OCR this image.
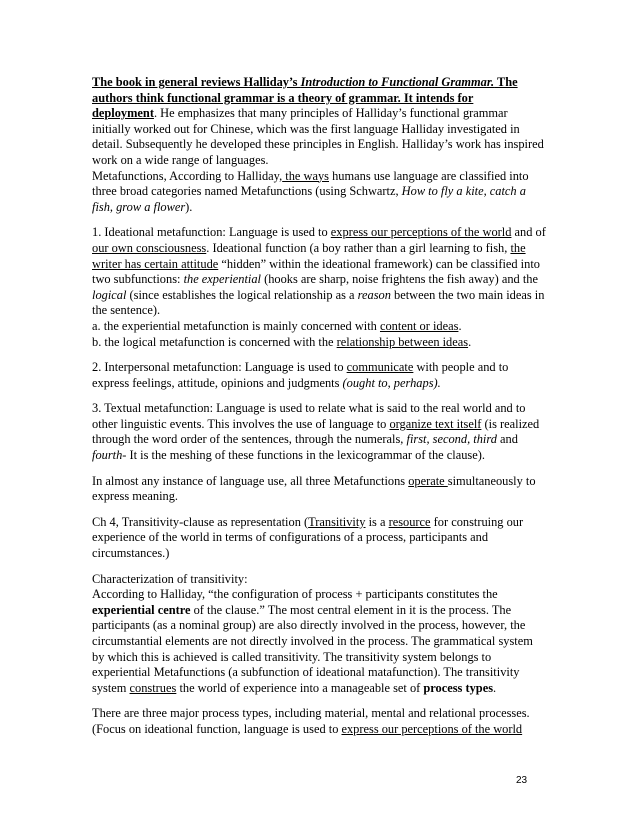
The book in general reviews Halliday’s Introduction to Functional Grammar. The authors think functional grammar is a theory of grammar. It intends for
deployment. He emphasizes that many principles of Halliday’s functional grammar initially worked out for Chinese, which was the first language Halliday investigated in detail. Subsequently he developed these principles in English. Halliday’s work has inspired work on a wide range of languages.
Metafunctions, According to Halliday, the ways humans use language are classified into three broad categories named Metafunctions (using Schwartz, How to fly a kite, catch a fish, grow a flower).

1. Ideational metafunction: Language is used to express our perceptions of the world and of our own consciousness. Ideational function (a boy rather than a girl learning to fish, the writer has certain attitude “hidden” within the ideational framework) can be classified into two subfunctions: the experiential (hooks are sharp, noise frightens the fish away) and the logical (since establishes the logical relationship as a reason between the two main ideas in the sentence).
a. the experiential metafunction is mainly concerned with content or ideas.
b. the logical metafunction is concerned with the relationship between ideas.

2. Interpersonal metafunction: Language is used to communicate with people and to express feelings, attitude, opinions and judgments (ought to, perhaps).

3. Textual metafunction: Language is used to relate what is said to the real world and to other linguistic events. This involves the use of language to organize text itself (is realized through the word order of the sentences, through the numerals, first, second, third and fourth- It is the meshing of these functions in the lexicogrammar of the clause).

In almost any instance of language use, all three Metafunctions operate simultaneously to express meaning.

Ch 4, Transitivity-clause as representation (Transitivity is a resource for construing our experience of the world in terms of configurations of a process, participants and circumstances.)

Characterization of transitivity:
According to Halliday, “the configuration of process + participants constitutes the experiential centre of the clause.” The most central element in it is the process. The participants (as a nominal group) are also directly involved in the process, however, the circumstantial elements are not directly involved in the process. The grammatical system by which this is achieved is called transitivity. The transitivity system belongs to experiential Metafunctions (a subfunction of ideational matafunction). The transitivity system construes the world of experience into a manageable set of process types.

There are three major process types, including material, mental and relational processes. (Focus on ideational function, language is used to express our perceptions of the world

23
